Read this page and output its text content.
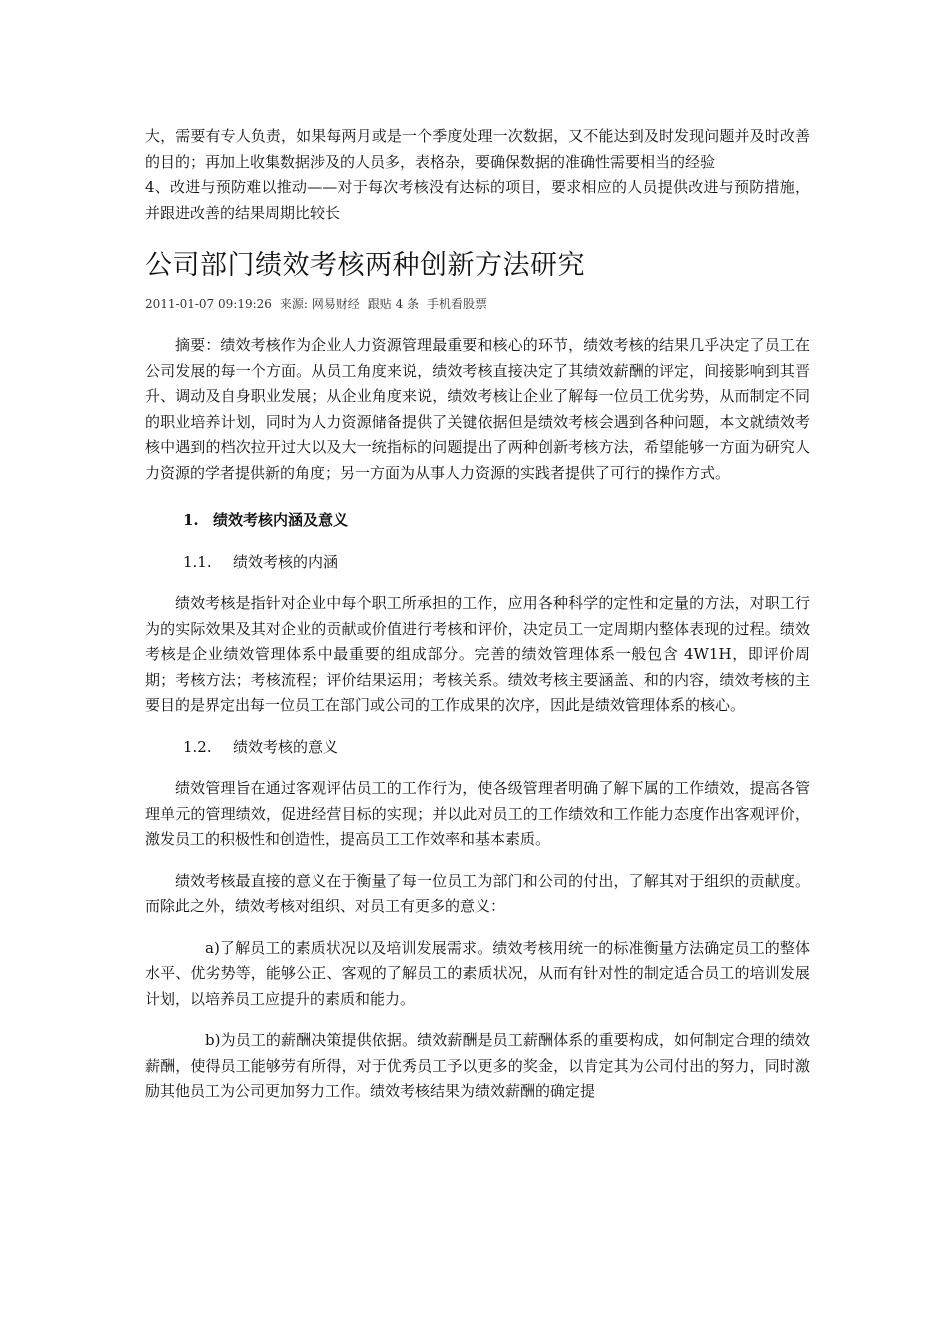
大，需要有专人负责，如果每两月或是一个季度处理一次数据，又不能达到及时发现问题并及时改善的目的；再加上收集数据涉及的人员多，表格杂，要确保数据的准确性需要相当的经验

4、改进与预防难以推动——对于每次考核没有达标的项目，要求相应的人员提供改进与预防措施，并跟进改善的结果周期比较长

公司部门绩效考核两种创新方法研究
2011-01-07 09:19:26 来源: 网易财经 跟贴 4 条 手机看股票

摘要：绩效考核作为企业人力资源管理最重要和核心的环节，绩效考核的结果几乎决定了员工在公司发展的每一个方面。从员工角度来说，绩效考核直接决定了其绩效薪酬的评定，间接影响到其晋升、调动及自身职业发展；从企业角度来说，绩效考核让企业了解每一位员工优劣势，从而制定不同的职业培养计划，同时为人力资源储备提供了关键依据但是绩效考核会遇到各种问题，本文就绩效考核中遇到的档次拉开过大以及大一统指标的问题提出了两种创新考核方法，希望能够一方面为研究人力资源的学者提供新的角度；另一方面为从事人力资源的实践者提供了可行的操作方式。

1. 绩效考核内涵及意义
1.1. 绩效考核的内涵

绩效考核是指针对企业中每个职工所承担的工作，应用各种科学的定性和定量的方法，对职工行为的实际效果及其对企业的贡献或价值进行考核和评价，决定员工一定周期内整体表现的过程。绩效考核是企业绩效管理体系中最重要的组成部分。完善的绩效管理体系一般包含 4W1H，即评价周期；考核方法；考核流程；评价结果运用；考核关系。绩效考核主要涵盖、和的内容，绩效考核的主要目的是界定出每一位员工在部门或公司的工作成果的次序，因此是绩效管理体系的核心。

1.2. 绩效考核的意义

绩效管理旨在通过客观评估员工的工作行为，使各级管理者明确了解下属的工作绩效，提高各管理单元的管理绩效，促进经营目标的实现；并以此对员工的工作绩效和工作能力态度作出客观评价，激发员工的积极性和创造性，提高员工工作效率和基本素质。

绩效考核最直接的意义在于衡量了每一位员工为部门和公司的付出，了解其对于组织的贡献度。而除此之外，绩效考核对组织、对员工有更多的意义：

a)了解员工的素质状况以及培训发展需求。绩效考核用统一的标准衡量方法确定员工的整体水平、优劣势等，能够公正、客观的了解员工的素质状况，从而有针对性的制定适合员工的培训发展计划，以培养员工应提升的素质和能力。

b)为员工的薪酬决策提供依据。绩效薪酬是员工薪酬体系的重要构成，如何制定合理的绩效薪酬，使得员工能够劳有所得，对于优秀员工予以更多的奖金，以肯定其为公司付出的努力，同时激励其他员工为公司更加努力工作。绩效考核结果为绩效薪酬的确定提
